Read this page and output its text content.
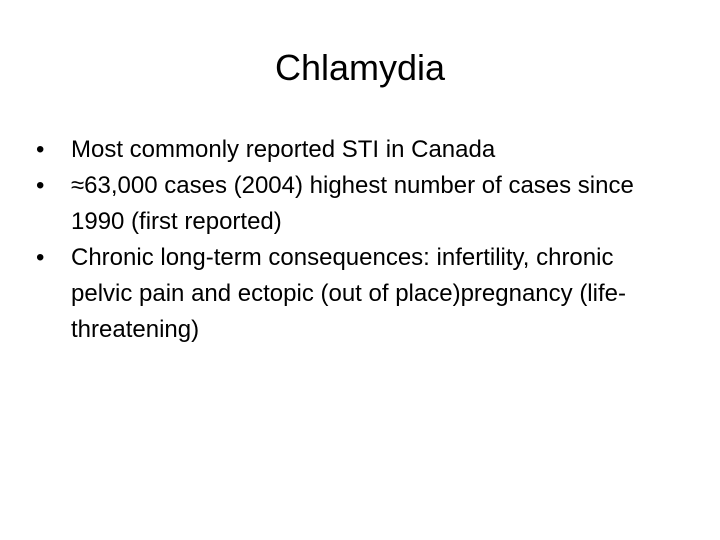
Chlamydia
•	Most commonly reported STI in Canada
•	≈63,000 cases (2004) highest number of cases since 1990 (first reported)
•	Chronic long-term consequences: infertility, chronic pelvic pain and ectopic (out of place)pregnancy (life-threatening)
